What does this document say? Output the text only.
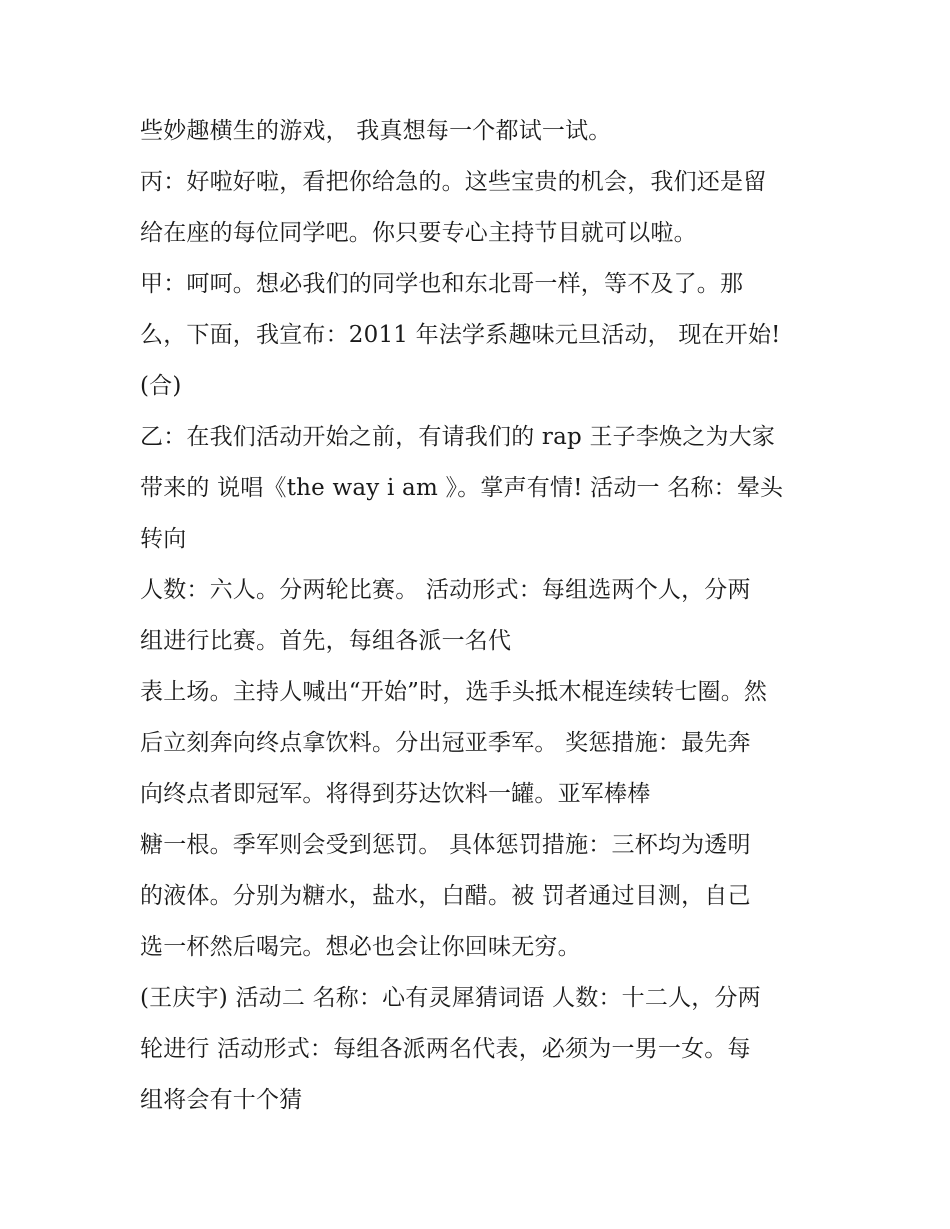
些妙趣横生的游戏， 我真想每一个都试一试。
丙：好啦好啦，看把你给急的。这些宝贵的机会，我们还是留
给在座的每位同学吧。你只要专心主持节目就可以啦。
甲：呵呵。想必我们的同学也和东北哥一样，等不及了。那
么，下面，我宣布：2011 年法学系趣味元旦活动， 现在开始!
(合)
乙：在我们活动开始之前，有请我们的 rap 王子李焕之为大家
带来的 说唱《the way i am 》。掌声有情! 活动一 名称：晕头
转向
人数：六人。分两轮比赛。 活动形式：每组选两个人，分两
组进行比赛。首先，每组各派一名代
表上场。主持人喊出“开始”时，选手头抵木棍连续转七圈。然
后立刻奔向终点拿饮料。分出冠亚季军。 奖惩措施：最先奔
向终点者即冠军。将得到芬达饮料一罐。亚军棒棒
糖一根。季军则会受到惩罚。 具体惩罚措施：三杯均为透明
的液体。分别为糖水，盐水，白醋。被 罚者通过目测，自己
选一杯然后喝完。想必也会让你回味无穷。
(王庆宇) 活动二 名称：心有灵犀猜词语 人数：十二人，分两
轮进行 活动形式：每组各派两名代表，必须为一男一女。每
组将会有十个猜
